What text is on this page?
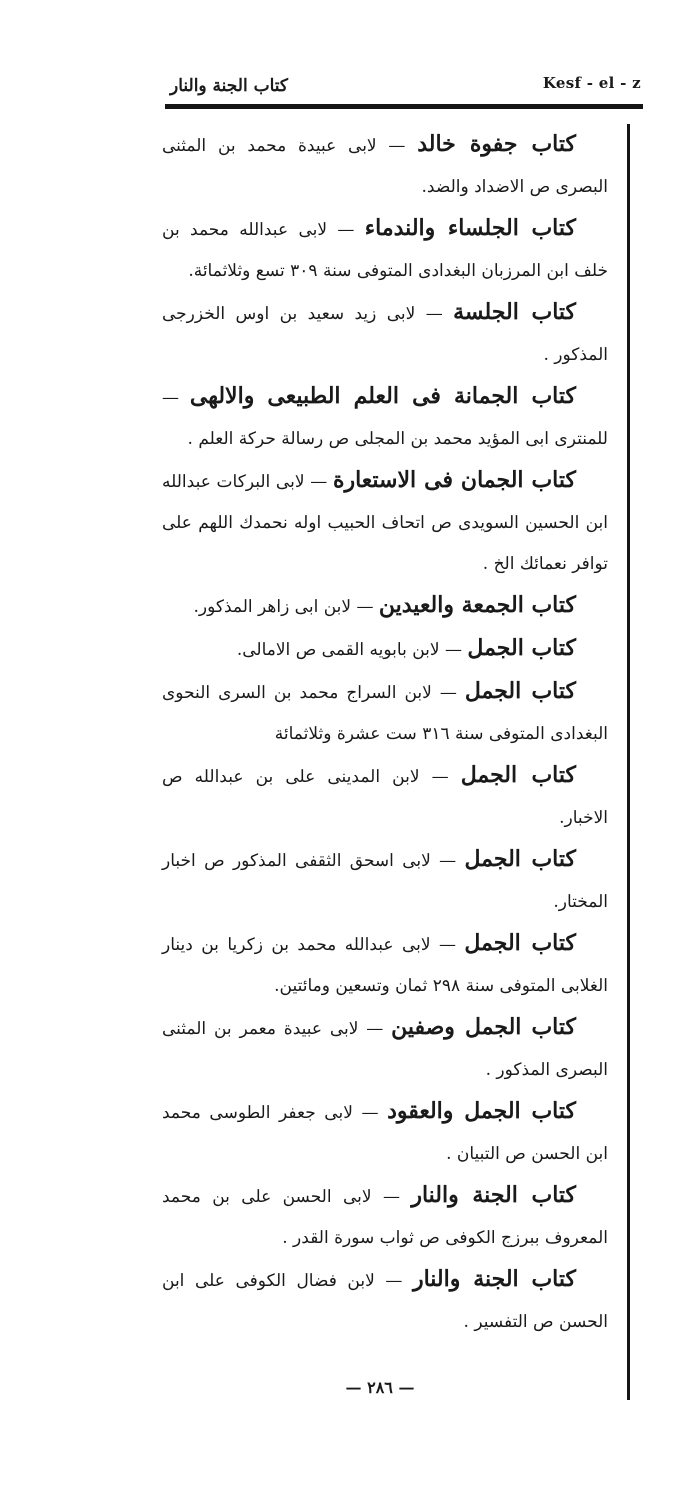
كتاب الجنة والنار	Kesf - el - z

كتاب جفوة خالد — لابى عبيدة محمد بن المثنى البصرى ص الاضداد والضد.

كتاب الجلساء والندماء — لابى عبدالله محمد بن خلف ابن المرزبان البغدادى المتوفى سنة ٣٠٩ تسع وثلاثمائة.

كتاب الجلسة — لابى زيد سعيد بن اوس الخزرجى المذكور .

كتاب الجمانة فى العلم الطبيعى والالهى — للمنترى ابى المؤيد محمد بن المجلى ص رسالة حركة العلم .

كتاب الجمان فى الاستعارة — لابى البركات عبدالله ابن الحسين السويدى ص اتحاف الحبيب اوله نحمدك اللهم على توافر نعمائك الخ .

كتاب الجمعة والعيدين — لابن ابى زاهر المذكور.

كتاب الجمل — لابن بابويه القمى ص الامالى.

كتاب الجمل — لابن السراج محمد بن السرى النحوى البغدادى المتوفى سنة ٣١٦ ست عشرة وثلاثمائة

كتاب الجمل — لابن المدينى على بن عبدالله ص الاخبار.

كتاب الجمل — لابى اسحق الثقفى المذكور ص اخبار المختار.

كتاب الجمل — لابى عبدالله محمد بن زكريا بن دينار الغلابى المتوفى سنة ٢٩٨ ثمان وتسعين ومائتين.

كتاب الجمل وصفين — لابى عبيدة معمر بن المثنى البصرى المذكور .

كتاب الجمل والعقود — لابى جعفر الطوسى محمد ابن الحسن ص التبيان .

كتاب الجنة والنار — لابى الحسن على بن محمد المعروف ببرزج الكوفى ص ثواب سورة القدر .

كتاب الجنة والنار — لابن فضال الكوفى على ابن الحسن ص التفسير .

— ٢٨٦ —
